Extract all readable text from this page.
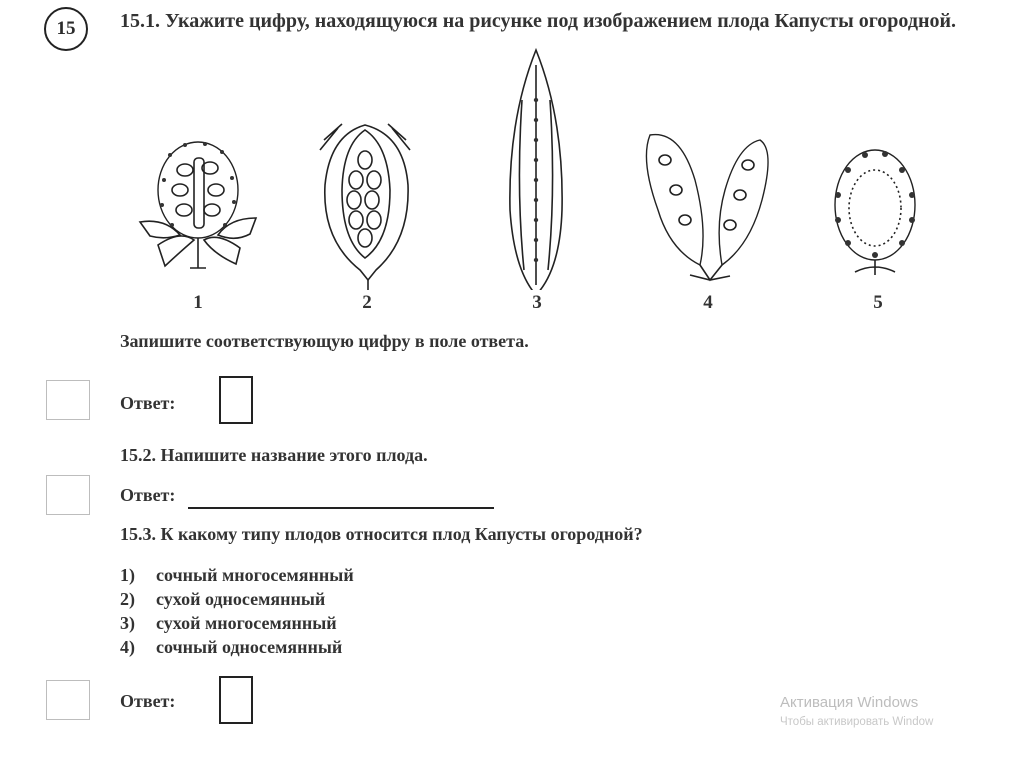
15	15.1. Укажите цифру, находящуюся на рисунке под изображением плода Капусты огородной.
1	2	3	4	5
Запишите соответствующую цифру в поле ответа.
Ответ:
15.2. Напишите название этого плода.
Ответ:
15.3. К какому типу плодов относится плод Капусты огородной?
1) сочный многосемянный
2) сухой односемянный
3) сухой многосемянный
4) сочный односемянный
Ответ:	Активация Windows
Чтобы активировать Window
